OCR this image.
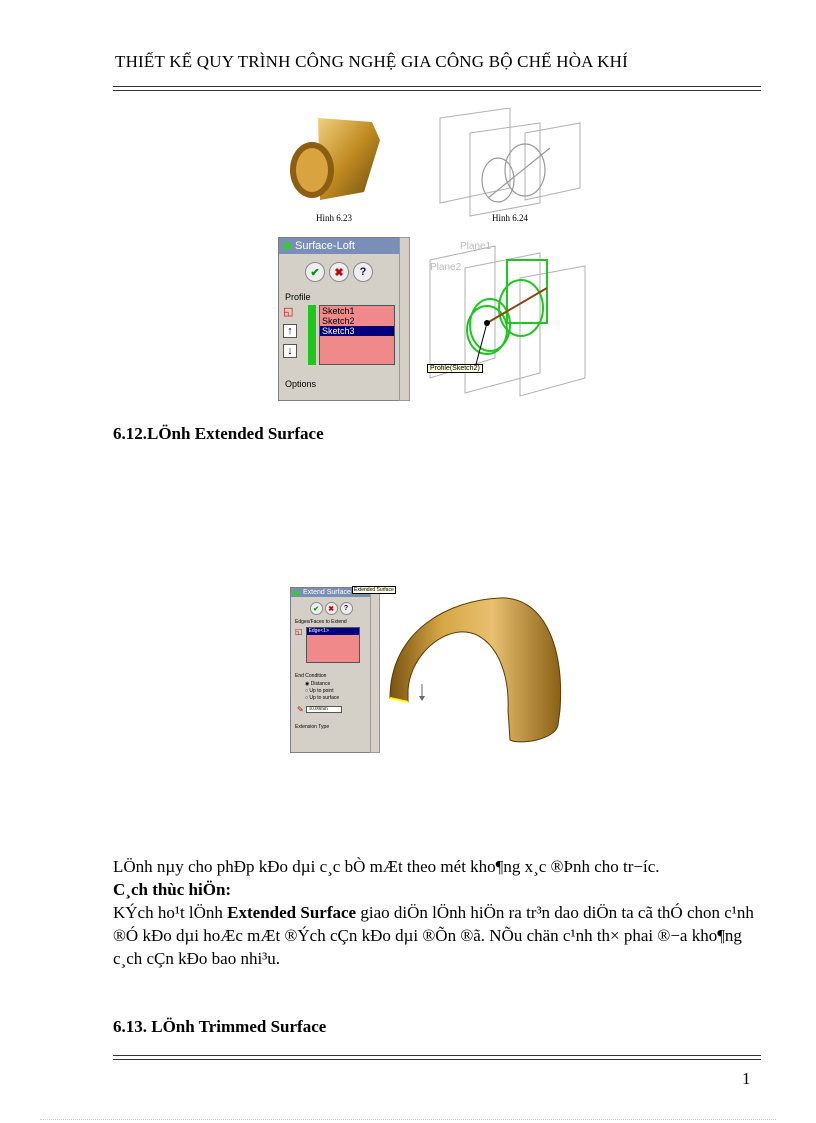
THIẾT KẾ QUY TRÌNH CÔNG NGHỆ GIA CÔNG BỘ CHẾ HÒA KHÍ
Hình 6.23	Hình 6.24
Surface-Loft
✔	✖	?
Profile
◱
↑
↓
Sketch1
Sketch2
Sketch3
Options
Plane1
Plane2
Profile(Sketch2)
6.12.LÖnh Extended Surface
Extend Surface
✔	✖	?
Edges/Faces to Extend
◱	Edge<1>
End Condition
◉ Distance
○ Up to point
○ Up to surface
✎	10.00mm
Extension Type
Extended Surface
LÖnh nµy cho phÐp kÐo dµi c¸c bÒ mÆt theo mét kho¶ng x¸c ®Þnh cho tr−íc.
C¸ch thùc hiÖn:
KÝch ho¹t lÖnh Extended Surface giao diÖn lÖnh hiÖn ra tr³n dao diÖn ta cã thÓ chon c¹nh ®Ó kÐo dµi hoÆc mÆt ®Ých cÇn kÐo dµi ®Õn ®ã. NÕu chän c¹nh th× phai ®−a kho¶ng c¸ch cÇn kÐo bao nhi³u.
6.13. LÖnh Trimmed Surface
1
